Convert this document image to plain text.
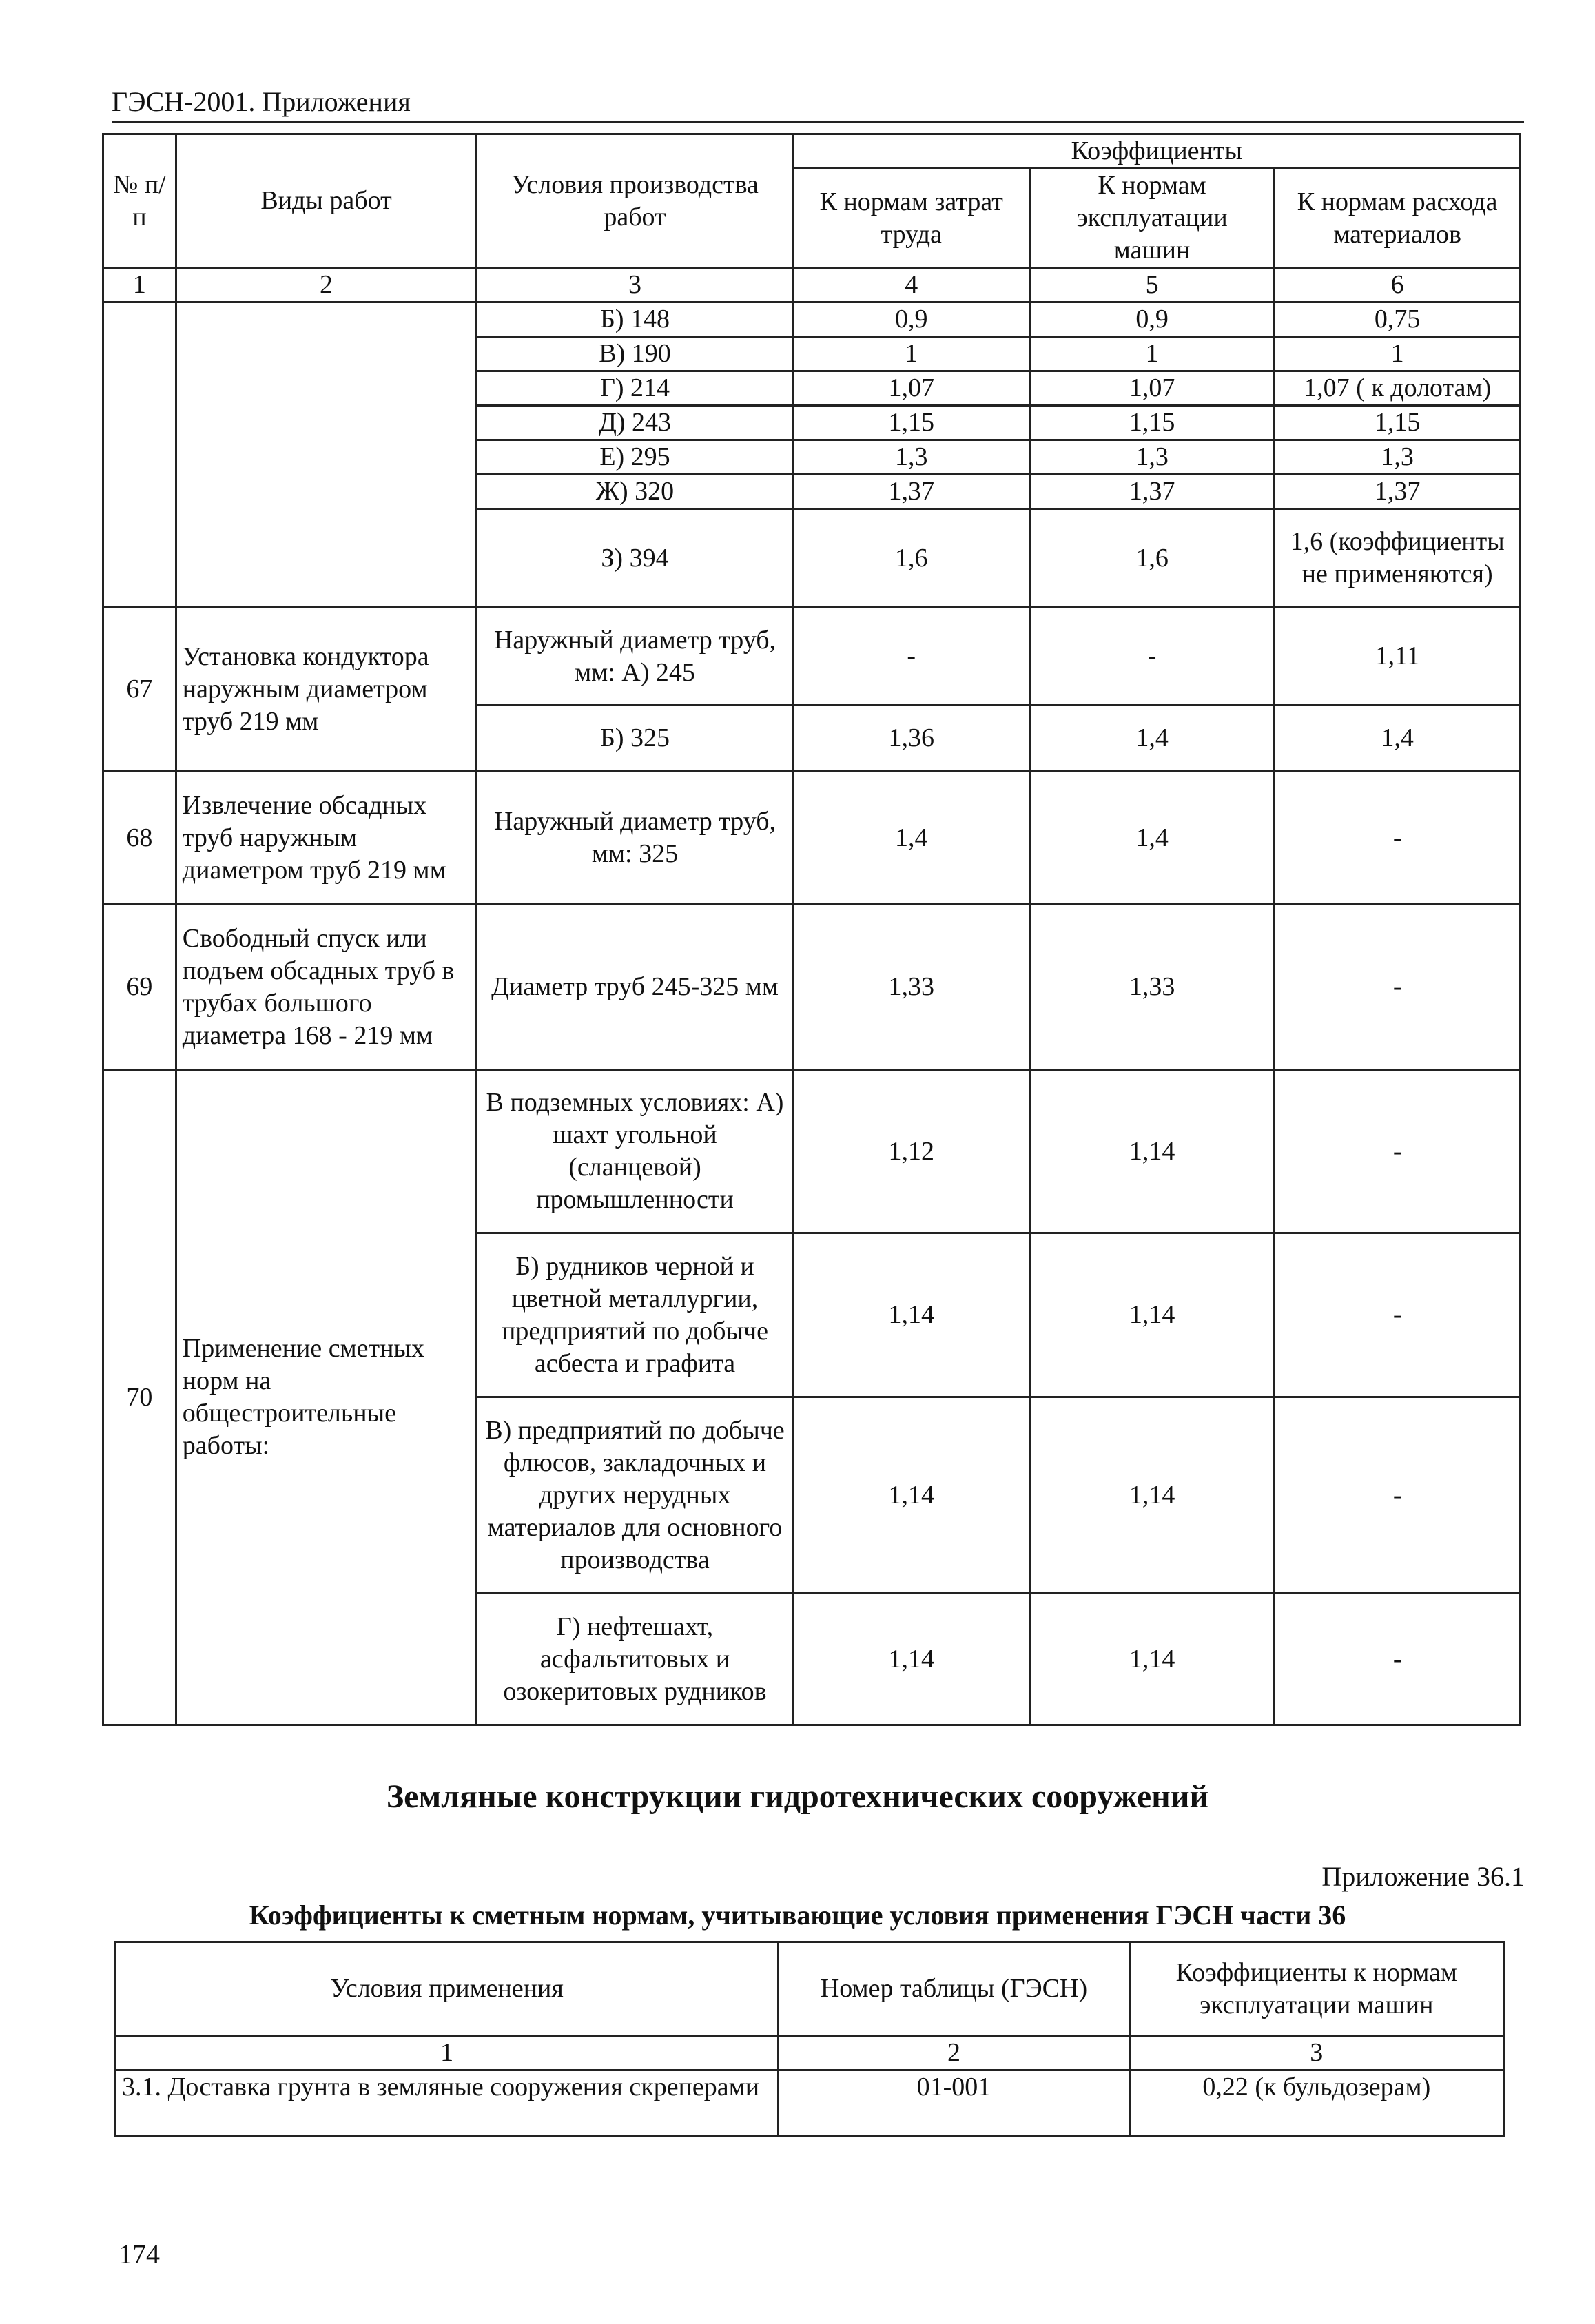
ГЭСН-2001. Приложения
№ п/п	Виды работ	Условия производства работ	Коэффициенты		
			К нормам затрат труда	К нормам эксплуатации машин	К нормам расхода материалов
1	2	3	4	5	6
		Б) 148	0,9	0,9	0,75
		В) 190	1	1	1
		Г) 214	1,07	1,07	1,07 ( к долотам)
		Д) 243	1,15	1,15	1,15
		Е) 295	1,3	1,3	1,3
		Ж) 320	1,37	1,37	1,37
		З) 394	1,6	1,6	1,6 (коэффициенты не применяются)
67	Установка кондуктора наружным диаметром труб 219 мм	Наружный диаметр труб, мм: А) 245	-	-	1,11
		Б) 325	1,36	1,4	1,4
68	Извлечение обсадных труб наружным диаметром труб 219 мм	Наружный диаметр труб, мм: 325	1,4	1,4	-
69	Свободный спуск или подъем обсадных труб в трубах большого диаметра 168 - 219 мм	Диаметр труб 245-325 мм	1,33	1,33	-
70	Применение сметных норм на общестроительные работы:	В подземных условиях: А) шахт угольной (сланцевой) промышленности	1,12	1,14	-
		Б) рудников черной и цветной металлургии, предприятий по добыче асбеста и графита	1,14	1,14	-
		В) предприятий по добыче флюсов, закладочных и других нерудных материалов для основного производства	1,14	1,14	-
		Г) нефтешахт, асфальтитовых и озокеритовых рудников	1,14	1,14	-
Земляные конструкции гидротехнических сооружений
Приложение 36.1
Коэффициенты к сметным нормам, учитывающие условия применения ГЭСН части 36
Условия применения	Номер таблицы (ГЭСН)	Коэффициенты к нормам эксплуатации машин
1	2	3
3.1. Доставка грунта в земляные сооружения скреперами	01-001	0,22 (к бульдозерам)
174
